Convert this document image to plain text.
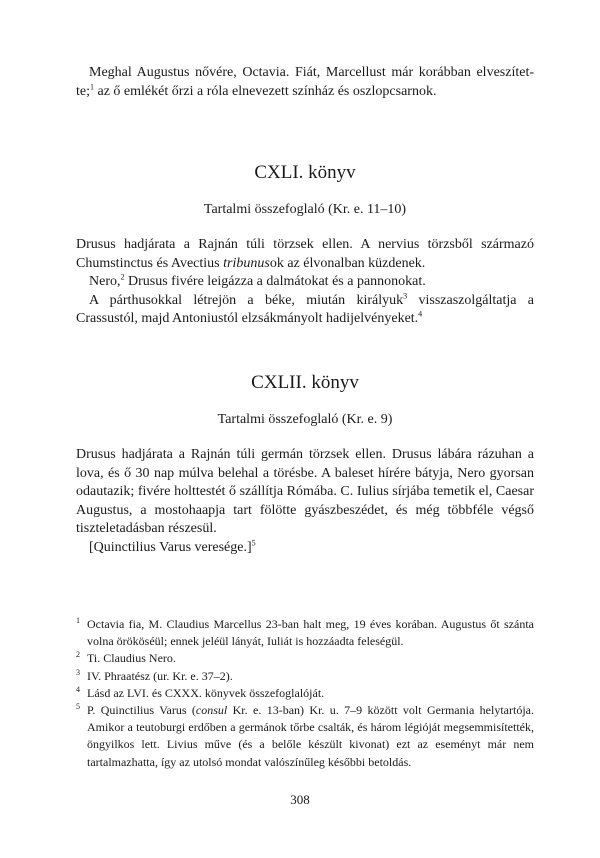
Meghal Augustus nővére, Octavia. Fiát, Marcellust már korábban elveszítet-te;$^1$ az ő emlékét őrzi a róla elnevezett színház és oszlopcsarnok.

CXLI. könyv
Tartalmi összefoglaló (Kr. e. 11–10)

Drusus hadjárata a Rajnán túli törzsek ellen. A nervius törzsből származó Chumstinctus és Avectius tribunusok az élvonalban küzdenek.

Nero,$^2$ Drusus fivére leigázza a dalmátokat és a pannonokat.

A párthusokkal létrejön a béke, miután királyuk$^3$ visszaszolgáltatja a Crassustól, majd Antoniustól elzsákmányolt hadijelvényeket.$^4$

CXLII. könyv
Tartalmi összefoglaló (Kr. e. 9)

Drusus hadjárata a Rajnán túli germán törzsek ellen. Drusus lábára rázuhan a lova, és ő 30 nap múlva belehal a törésbe. A baleset hírére bátyja, Nero gyorsan odautazik; fivére holttestét ő szállítja Rómába. C. Iulius sírjába temetik el, Caesar Augustus, a mostohaapja tart fölötte gyászbeszédet, és még többféle végső tiszteletadásban részesül.

[Quinctilius Varus veresége.]$^5$

$^1$ Octavia fia, M. Claudius Marcellus 23-ban halt meg, 19 éves korában. Augustus őt szánta volna örököséül; ennek jeléül lányát, Iuliát is hozzáadta feleségül.

$^2$ Ti. Claudius Nero.

$^3$ IV. Phraatész (ur. Kr. e. 37–2).

$^4$ Lásd az LVI. és CXXX. könyvek összefoglalóját.

$^5$ P. Quinctilius Varus (consul Kr. e. 13-ban) Kr. u. 7–9 között volt Germania helytartója. Amikor a teutoburgi erdőben a germánok tőrbe csalták, és három légióját megsemmisítették, öngyilkos lett. Livius műve (és a belőle készült kivonat) ezt az eseményt már nem tartalmazhatta, így az utolsó mondat valószínűleg későbbi betoldás.

308
